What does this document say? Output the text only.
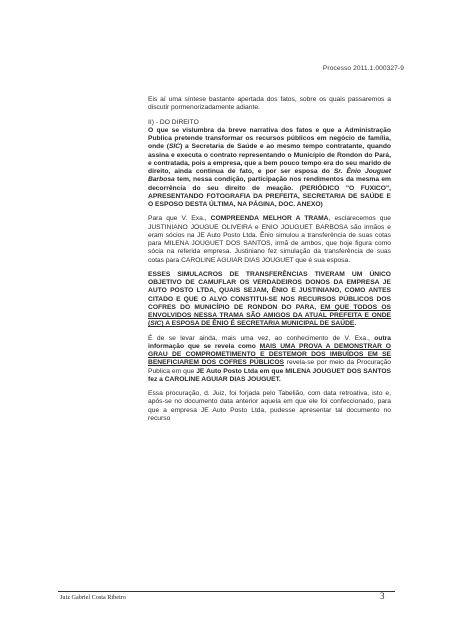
Processo 2011.1.000327-9

Eis aí uma síntese bastante apertada dos fatos, sobre os quais passaremos a discutir pormenorizadamente adiante.

II) - DO DIREITO
O que se vislumbra da breve narrativa dos fatos e que a Administração Publica pretende transformar os recursos públicos em negócio de família, onde (SIC) a Secretaria de Saúde e ao mesmo tempo contratante, quando assina e executa o contrato representando o Município de Rondon do Pará, e contratada, pois a empresa, que a bem pouco tempo era do seu marido de direito, ainda continua de fato, e por ser esposa do Sr. Ênio Jouguet Barbosa tem, nessa condição, participação nos rendimentos da mesma em decorrência do seu direito de meação. (PERIÓDICO "O FUXICO", APRESENTANDO FOTOGRAFIA DA PREFEITA, SECRETARIA DE SAÚDE E O ESPOSO DESTA ÚLTIMA, NA PÁGINA, DOC. ANEXO)

Para que V. Exa., COMPREENDA MELHOR A TRAMA, esclarecemos que JUSTINIANO JOUGUE OLIVEIRA e ENIO JOUGUET BARBOSA são irmãos e eram sócios na JE Auto Posto Ltda. Ênio simulou a transferência de suas cotas para MILENA JOUGUET DOS SANTOS, irmã de ambos, que hoje figura como sócia na referida empresa. Justiniano fez simulação da transferência de suas cotas para CAROLINE AGUIAR DIAS JOUGUET que é sua esposa.

ESSES SIMULACROS DE TRANSFERÊNCIAS TIVERAM UM ÚNICO OBJETIVO DE CAMUFLAR OS VERDADEIROS DONOS DA EMPRESA JE AUTO POSTO LTDA, QUAIS SEJAM, ÊNIO E JUSTINIANO, COMO ANTES CITADO E QUE O ALVO CONSTITUI-SE NOS RECURSOS PÚBLICOS DOS COFRES DO MUNICÍPIO DE RONDON DO PARA, EM QUE TODOS OS ENVOLVIDOS NESSA TRAMA SÃO AMIGOS DA ATUAL PREFEITA E ONDE (SIC) A ESPOSA DE ÊNIO É SECRETARIA MUNICIPAL DE SAÚDE.

É de se levar ainda, mais uma vez, ao conhecimento de V. Exa., outra informação que se revela como MAIS UMA PROVA A DEMONSTRAR O GRAU DE COMPROMETIMENTO E DESTEMOR DOS IMBUÍDOS EM SE BENEFICIAREM DOS COFRES PÚBLICOS revela-se por meio da Procuração Publica em que JE Auto Posto Ltda em que MILENA JOUGUET DOS SANTOS fez a CAROLINE AGUIAR DIAS JOUGUET.

Essa procuração, d. Juiz, foi forjada pelo Tabelião, com data retroativa, isto e, após-se no documento data anterior aquela em que ele foi confeccionado, para que a empresa JE Auto Posto Ltda, pudesse apresentar tal documento no recurso

Juiz Gabriel Costa Ribeiro	3
